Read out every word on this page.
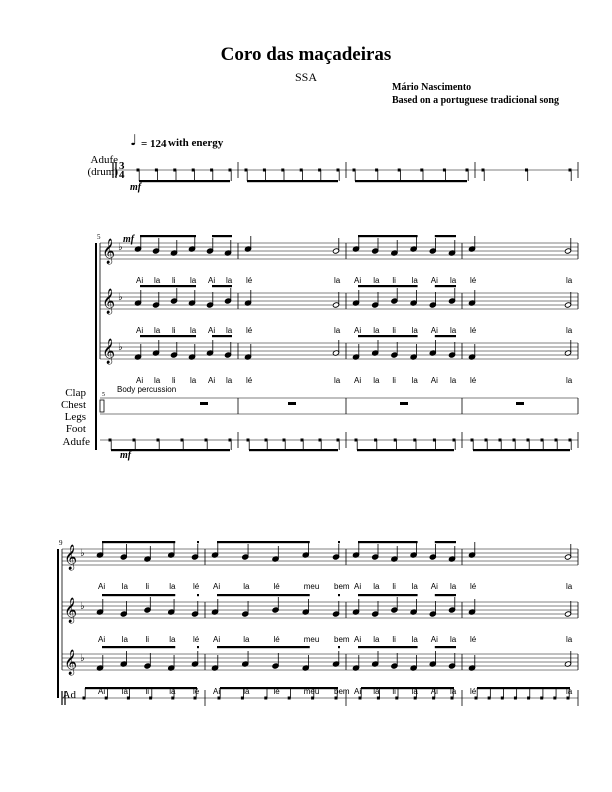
Coro das maçadeiras
SSA
Mário Nascimento
Based on a portuguese tradicional song
Adufe
(drum)
Clap
Chest
Legs
Foot
Adufe
Ad
3
4
♩ = 124 with energy
mf
𝄞 ♭
Ai la li la Ai la lé	la Ai la li la Ai la lé	la
𝄞 ♭
Ai la li la Ai la lé	la Ai la li la Ai la lé	la
𝄞 ♭
Ai la li la Ai la lé	la Ai la li la Ai la lé	la
5 mf
Body percussion
5
mf
𝄞 ♭
Ai la li	la lé Ai	la	lé	meu bem Ai la li la Ai la lé	la
𝄞 ♭
Ai la li	la lé Ai	la	lé	meu bem Ai la li la Ai la lé	la
𝄞 ♭
Ai la li	la lé Ai	la	lé	meu bem Ai la li la Ai la lé	la
9
